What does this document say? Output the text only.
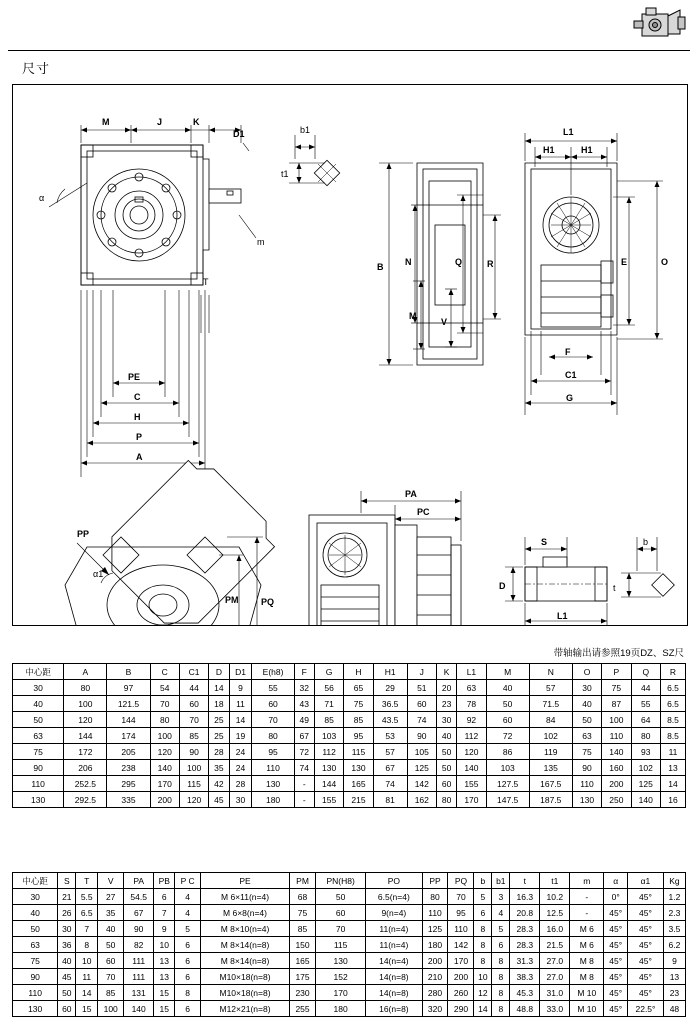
尺寸
M	J	K
D1
α
m
T
PE
C
H
P
A
b1
t1
B N
M
Q
V
R
L1
H1	H1
E	O
F
C1
G
PP
α1
PM	PQ
PA
PC
S	b
t
D
L1
带轴输出请参照19页DZ、SZ尺
中心距	A	B	C	C1	D	D1	E(h8)	F	G	H	H1	J	K	L1	M	N	O	P	Q	R
30	80	97	54	44	14	9	55	32	56	65	29	51	20	63	40	57	30	75	44	6.5
40	100	121.5	70	60	18	11	60	43	71	75	36.5	60	23	78	50	71.5	40	87	55	6.5
50	120	144	80	70	25	14	70	49	85	85	43.5	74	30	92	60	84	50	100	64	8.5
63	144	174	100	85	25	19	80	67	103	95	53	90	40	112	72	102	63	110	80	8.5
75	172	205	120	90	28	24	95	72	112	115	57	105	50	120	86	119	75	140	93	11
90	206	238	140	100	35	24	110	74	130	130	67	125	50	140	103	135	90	160	102	13
110	252.5	295	170	115	42	28	130	-	144	165	74	142	60	155	127.5	167.5	110	200	125	14
130	292.5	335	200	120	45	30	180	-	155	215	81	162	80	170	147.5	187.5	130	250	140	16
中心距	S	T	V	PA	PB	P C	PE	PM	PN(H8)	PO	PP	PQ	b	b1	t	t1	m	α	α1	Kg
30	21	5.5	27	54.5	6	4	M 6×11(n=4)	68	50	6.5(n=4)	80	70	5	3	16.3	10.2	-	0°	45°	1.2
40	26	6.5	35	67	7	4	M 6×8(n=4)	75	60	9(n=4)	110	95	6	4	20.8	12.5	-	45°	45°	2.3
50	30	7	40	90	9	5	M 8×10(n=4)	85	70	11(n=4)	125	110	8	5	28.3	16.0	M 6	45°	45°	3.5
63	36	8	50	82	10	6	M 8×14(n=8)	150	115	11(n=4)	180	142	8	6	28.3	21.5	M 6	45°	45°	6.2
75	40	10	60	111	13	6	M 8×14(n=8)	165	130	14(n=4)	200	170	8	8	31.3	27.0	M 8	45°	45°	9
90	45	11	70	111	13	6	M10×18(n=8)	175	152	14(n=8)	210	200	10	8	38.3	27.0	M 8	45°	45°	13
110	50	14	85	131	15	8	M10×18(n=8)	230	170	14(n=8)	280	260	12	8	45.3	31.0	M 10	45°	45°	23
130	60	15	100	140	15	6	M12×21(n=8)	255	180	16(n=8)	320	290	14	8	48.8	33.0	M 10	45°	22.5°	48
